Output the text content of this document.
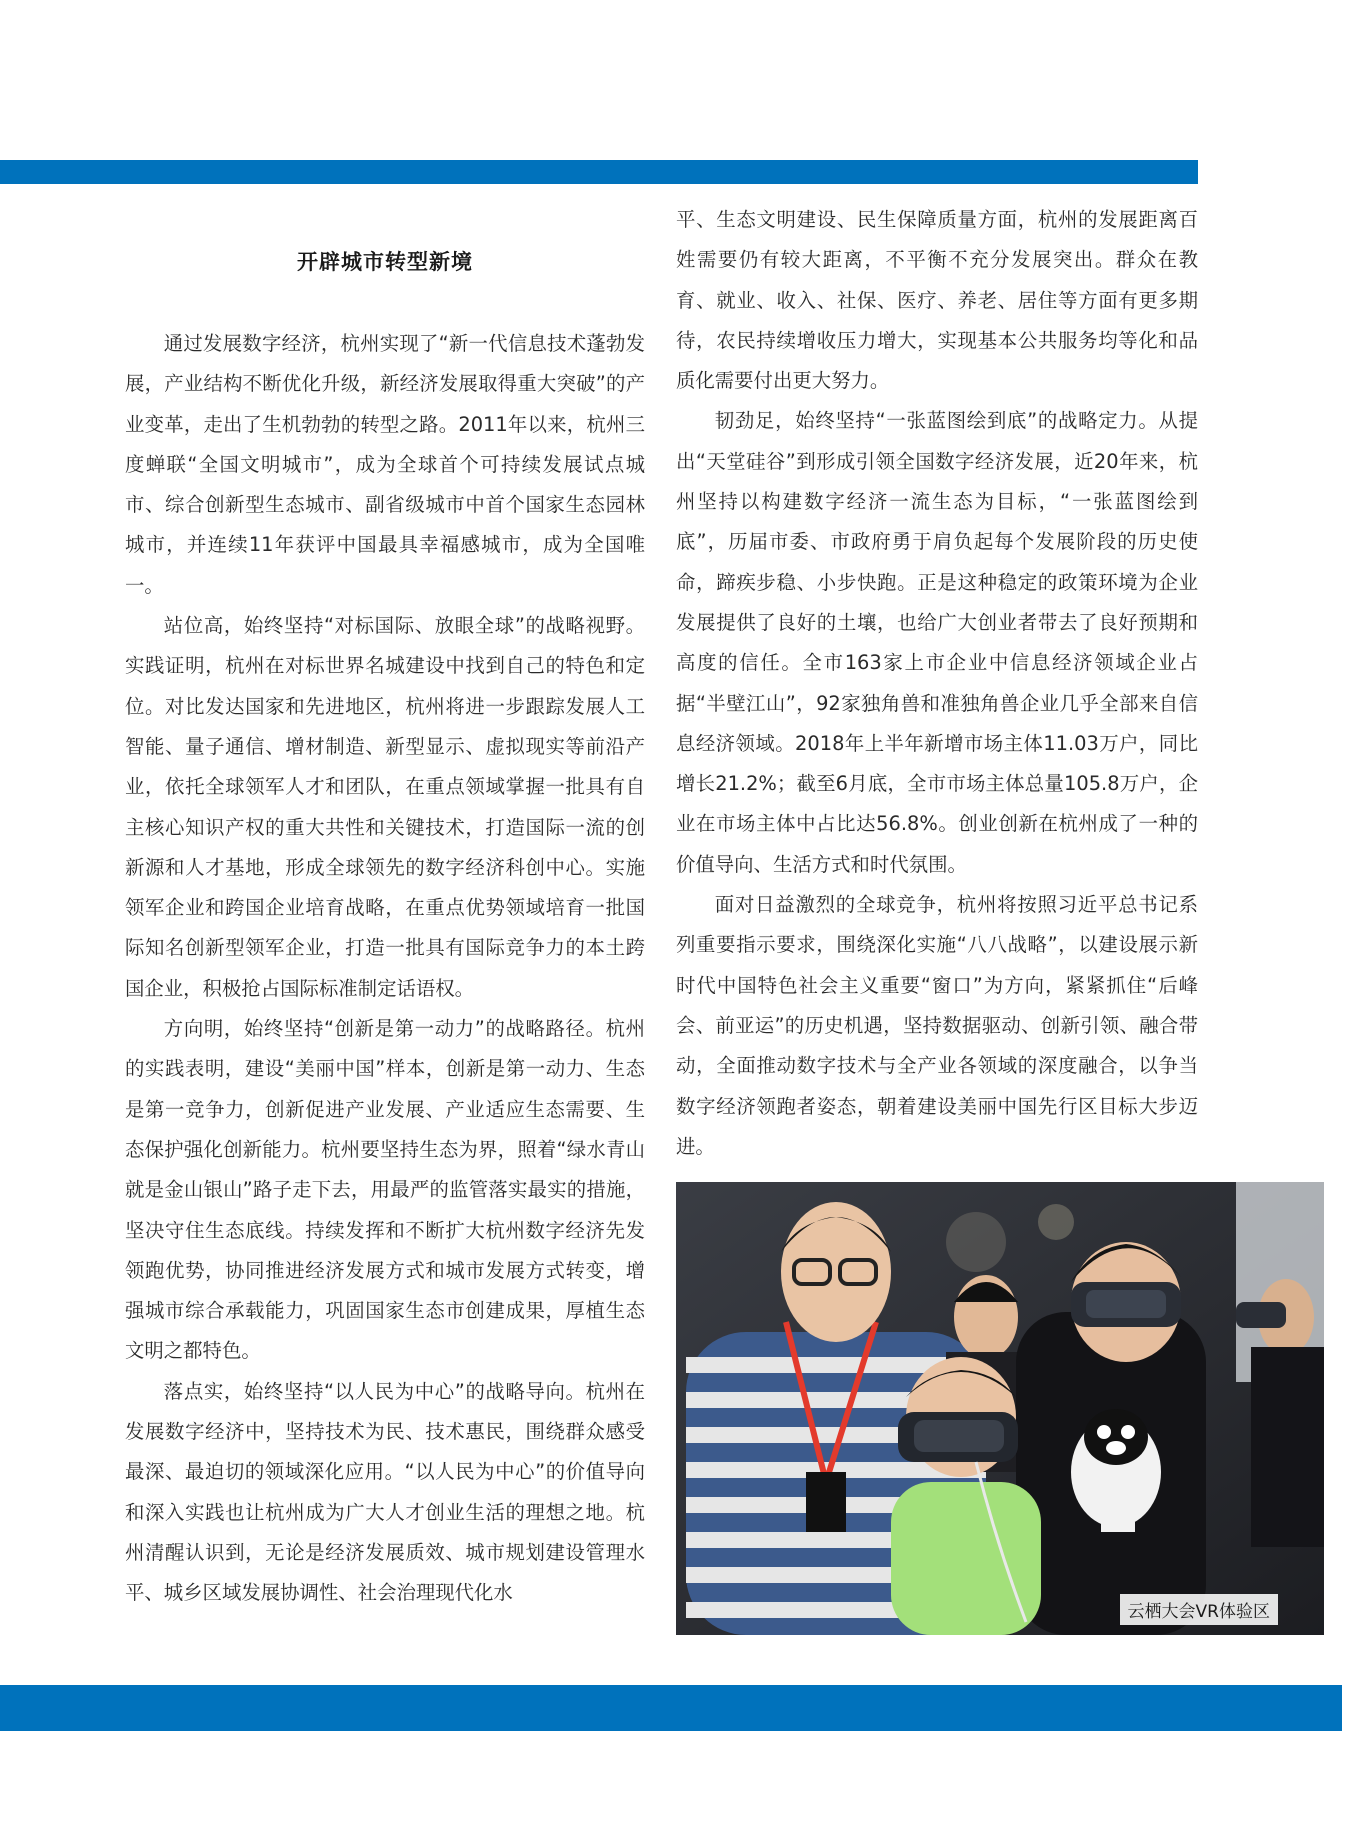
开辟城市转型新境

通过发展数字经济，杭州实现了“新一代信息技术蓬勃发展，产业结构不断优化升级，新经济发展取得重大突破”的产业变革，走出了生机勃勃的转型之路。2011年以来，杭州三度蝉联“全国文明城市”，成为全球首个可持续发展试点城市、综合创新型生态城市、副省级城市中首个国家生态园林城市，并连续11年获评中国最具幸福感城市，成为全国唯一。

站位高，始终坚持“对标国际、放眼全球”的战略视野。实践证明，杭州在对标世界名城建设中找到自己的特色和定位。对比发达国家和先进地区，杭州将进一步跟踪发展人工智能、量子通信、增材制造、新型显示、虚拟现实等前沿产业，依托全球领军人才和团队，在重点领域掌握一批具有自主核心知识产权的重大共性和关键技术，打造国际一流的创新源和人才基地，形成全球领先的数字经济科创中心。实施领军企业和跨国企业培育战略，在重点优势领域培育一批国际知名创新型领军企业，打造一批具有国际竞争力的本土跨国企业，积极抢占国际标准制定话语权。

方向明，始终坚持“创新是第一动力”的战略路径。杭州的实践表明，建设“美丽中国”样本，创新是第一动力、生态是第一竞争力，创新促进产业发展、产业适应生态需要、生态保护强化创新能力。杭州要坚持生态为界，照着“绿水青山就是金山银山”路子走下去，用最严的监管落实最实的措施，坚决守住生态底线。持续发挥和不断扩大杭州数字经济先发领跑优势，协同推进经济发展方式和城市发展方式转变，增强城市综合承载能力，巩固国家生态市创建成果，厚植生态文明之都特色。

落点实，始终坚持“以人民为中心”的战略导向。杭州在发展数字经济中，坚持技术为民、技术惠民，围绕群众感受最深、最迫切的领域深化应用。“以人民为中心”的价值导向和深入实践也让杭州成为广大人才创业生活的理想之地。杭州清醒认识到，无论是经济发展质效、城市规划建设管理水平、城乡区域发展协调性、社会治理现代化水

平、生态文明建设、民生保障质量方面，杭州的发展距离百姓需要仍有较大距离，不平衡不充分发展突出。群众在教育、就业、收入、社保、医疗、养老、居住等方面有更多期待，农民持续增收压力增大，实现基本公共服务均等化和品质化需要付出更大努力。

韧劲足，始终坚持“一张蓝图绘到底”的战略定力。从提出“天堂硅谷”到形成引领全国数字经济发展，近20年来，杭州坚持以构建数字经济一流生态为目标，“一张蓝图绘到底”，历届市委、市政府勇于肩负起每个发展阶段的历史使命，蹄疾步稳、小步快跑。正是这种稳定的政策环境为企业发展提供了良好的土壤，也给广大创业者带去了良好预期和高度的信任。全市163家上市企业中信息经济领域企业占据“半壁江山”，92家独角兽和准独角兽企业几乎全部来自信息经济领域。2018年上半年新增市场主体11.03万户，同比增长21.2%；截至6月底，全市市场主体总量105.8万户，企业在市场主体中占比达56.8%。创业创新在杭州成了一种的价值导向、生活方式和时代氛围。

面对日益激烈的全球竞争，杭州将按照习近平总书记系列重要指示要求，围绕深化实施“八八战略”，以建设展示新时代中国特色社会主义重要“窗口”为方向，紧紧抓住“后峰会、前亚运”的历史机遇，坚持数据驱动、创新引领、融合带动，全面推动数字技术与全产业各领域的深度融合，以争当数字经济领跑者姿态，朝着建设美丽中国先行区目标大步迈进。

云栖大会VR体验区
